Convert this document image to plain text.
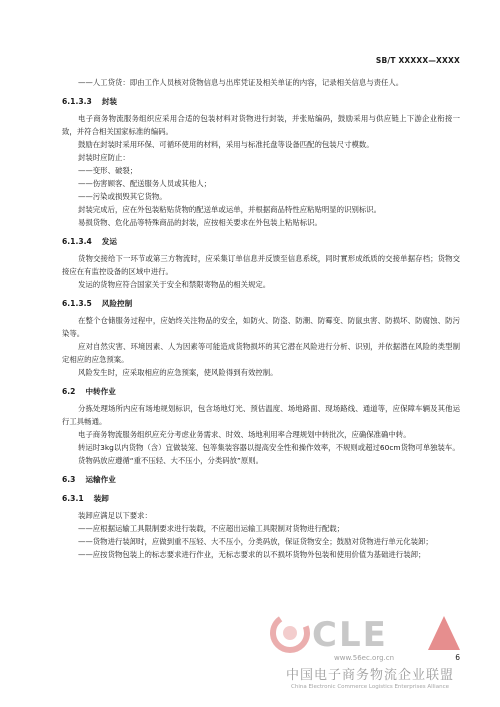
SB/T XXXXX—XXXX

——人工贷货：即由工作人员核对货物信息与出库凭证及相关单证的内容，记录相关信息与责任人。

6.1.3.3 封装

电子商务物流服务组织应采用合适的包装材料对货物进行封装，并张贴编码，鼓励采用与供应链上下游企业衔接一致，并符合相关国家标准的编码。

鼓励在封装时采用环保、可循环使用的材料，采用与标准托盘等设备匹配的包装尺寸模数。

封装时应防止：

——变形、破裂；

——伤害顾客、配送服务人员或其他人；

——污染或损毁其它货物。

封装完成后，应在外包装粘贴货物的配送单或运单，并根据商品特性应粘贴明显的识别标识。

易损货物、危化品等特殊商品的封装，应按相关要求在外包装上粘贴标识。

6.1.3.4 发运

货物交接给下一环节或第三方物流时，应采集订单信息并反馈至信息系统，同时實形成纸质的交接单据存档；货物交接应在有监控设备的区域中进行。

发运的货物应符合国家关于安全和禁限寄物品的相关规定。

6.1.3.5 风险控制

在整个仓储服务过程中，应始终关注物品的安全，如防火、防盗、防潮、防霉变、防鼠虫害、防损坏、防腐蚀、防污染等。

应对自然灾害、环境因素、人为因素等可能造成货物损坏的其它潜在风险进行分析、识别，并依据潜在风险的类型制定相应的应急预案。

风险发生时，应采取相应的应急预案，使风险得到有效控制。

6.2 中转作业

分拣处理场所内应有场地规划标识，包含场地灯光、预估温度、场地路面、现场路线、通道等，应保障车辆及其他运行工具畅通。

电子商务物流服务组织应充分考虑业务需求、时效、场地利用率合理规划中转批次，应确保准确中转。

转运时3kg以内货物（含）宜做装笼、包等集装容器以提高安全性和操作效率，不规则或超过60cm货物可单独装车。

货物码放应遵循“重不压轻、大不压小，分类码放”原则。

6.3 运输作业
6.3.1 装卸

装卸应满足以下要求：

——应根据运输工具限制要求进行装载，不应超出运输工具限制对货物进行配载；

——货物进行装卸时，应做到重不压轻、大不压小，分类码放，保证货物安全；鼓励对货物进行单元化装卸；

——应按货物包装上的标志要求进行作业，无标志要求的以不损坏货物外包装和使用价值为基础进行装卸；

6
CLE
www.56ec.org.cn
中国电子商务物流企业联盟
China Electronic Commerce Logistics Enterprises Alliance
